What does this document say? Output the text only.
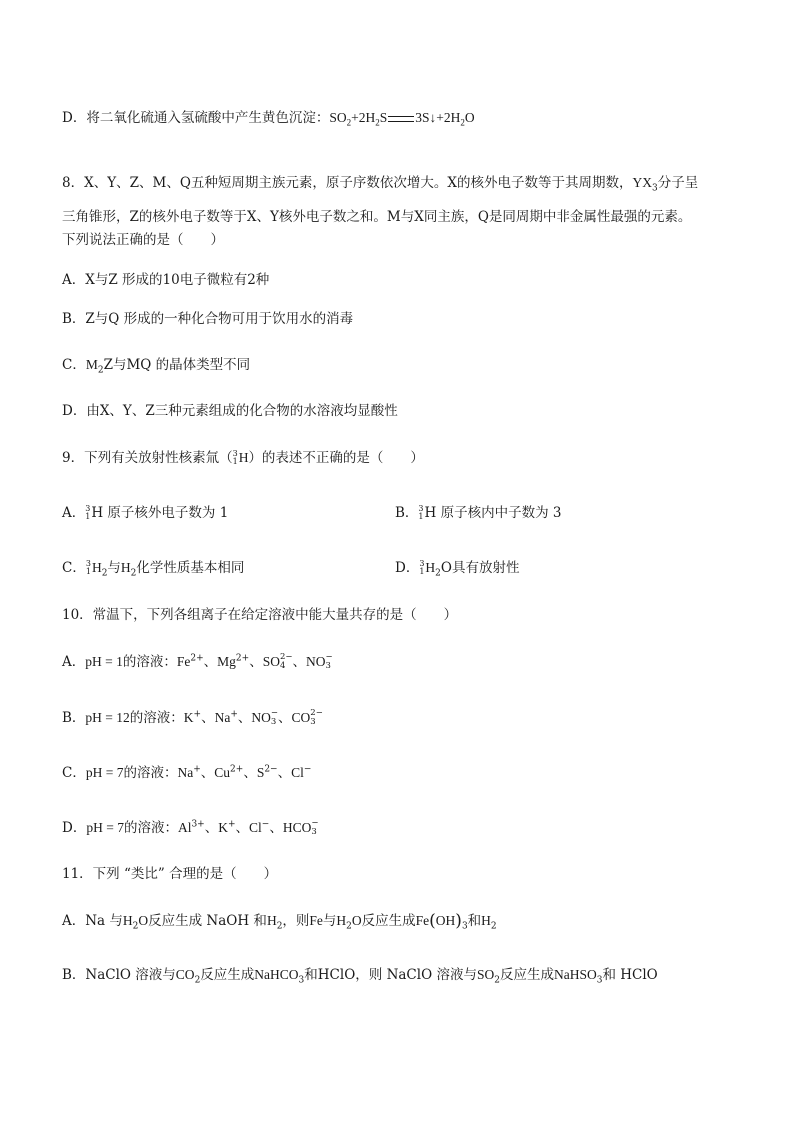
D．将二氧化硫通入氢硫酸中产生黄色沉淀：$SO_2+2H_2S$ $3S↓+2H_2O$
8．X、Y、Z、M、Q五种短周期主族元素，原子序数依次增大。X的核外电子数等于其周期数，$YX_3$分子呈
三角锥形，Z的核外电子数等于X、Y核外电子数之和。M与X同主族，Q是同周期中非金属性最强的元素。
下列说法正确的是（　　）
A．X与Z 形成的10电子微粒有2种
B．Z与Q 形成的一种化合物可用于饮用水的消毒
C．$M_2Z$与MQ 的晶体类型不同
D．由X、Y、Z三种元素组成的化合物的水溶液均显酸性
9．下列有关放射性核素氚（ 3
1 H）的表述不正确的是（　　）
A． 3
1 H 原子核外电子数为 1	B． 3
1 H 原子核内中子数为 3
C． 3
1 $H_2$与$H_2$化学性质基本相同	D． 3
1 $H_2O$具有放射性
10．常温下，下列各组离子在给定溶液中能大量共存的是（　　）
A．pH = 1的溶液：$Fe^{2+}$、$Mg^{2+}$、SO 2−
4 、NO −
3
B．pH = 12的溶液：K+、Na+、NO −
3 、CO 2−
3
C．pH = 7的溶液：Na+、$Cu^{2+}$、$S^{2-}$、Cl−
D．pH = 7的溶液：$Al^{3+}$、K+、Cl−、HCO −
3
11．下列 “类比” 合理的是（　　）
A．Na 与$H_2O$反应生成 NaOH 和$H_2$，则Fe与$H_2O$反应生成$Fe(OH)_3$和$H_2$
B．NaClO 溶液与$CO_2$反应生成NaHCO$_3$和HClO，则 NaClO 溶液与$SO_2$反应生成NaHSO$_3$和 HClO
